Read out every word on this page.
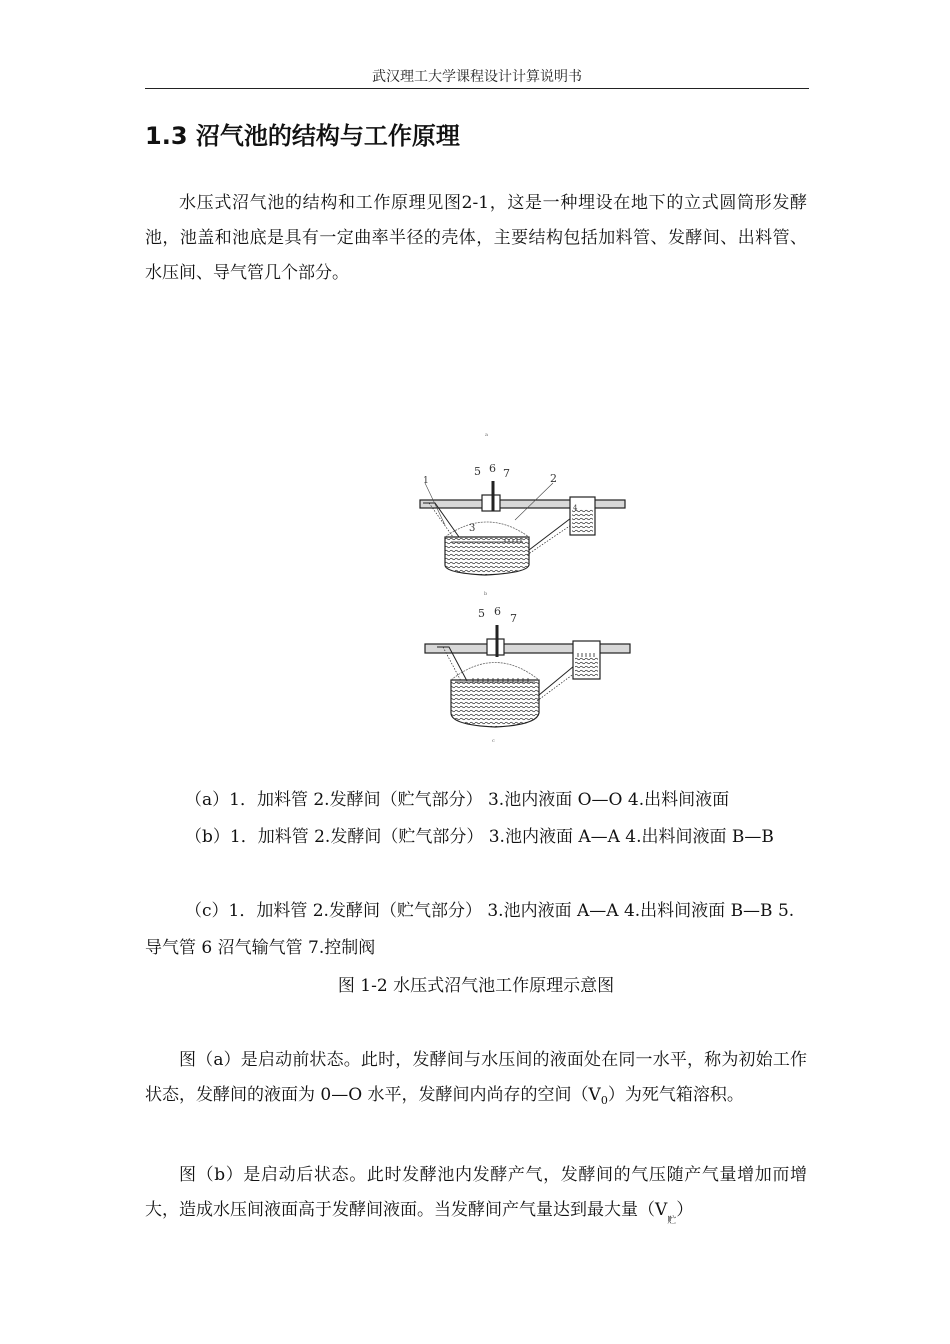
武汉理工大学课程设计计算说明书
1.3 沼气池的结构与工作原理
水压式沼气池的结构和工作原理见图2-1，这是一种埋设在地下的立式圆筒形发酵池，池盖和池底是具有一定曲率半径的壳体，主要结构包括加料管、发酵间、出料管、水压间、导气管几个部分。
a
1	2
3
4
5 6 7
b
5 6
7
c
（a）1．加料管 2.发酵间（贮气部分） 3.池内液面 O—O 4.出料间液面
（b）1．加料管 2.发酵间（贮气部分） 3.池内液面 A—A 4.出料间液面 B—B
（c）1．加料管 2.发酵间（贮气部分） 3.池内液面 A—A 4.出料间液面 B—B 5.导气管 6 沼气输气管 7.控制阀
图 1-2 水压式沼气池工作原理示意图
图（a）是启动前状态。此时，发酵间与水压间的液面处在同一水平，称为初始工作状态，发酵间的液面为 0—O 水平，发酵间内尚存的空间$(V_0)$为死气箱溶积。
图（b）是启动后状态。此时发酵池内发酵产气，发酵间的气压随产气量增加而增大，造成水压间液面高于发酵间液面。当发酵间产气量达到最大量$(V_贮)$
